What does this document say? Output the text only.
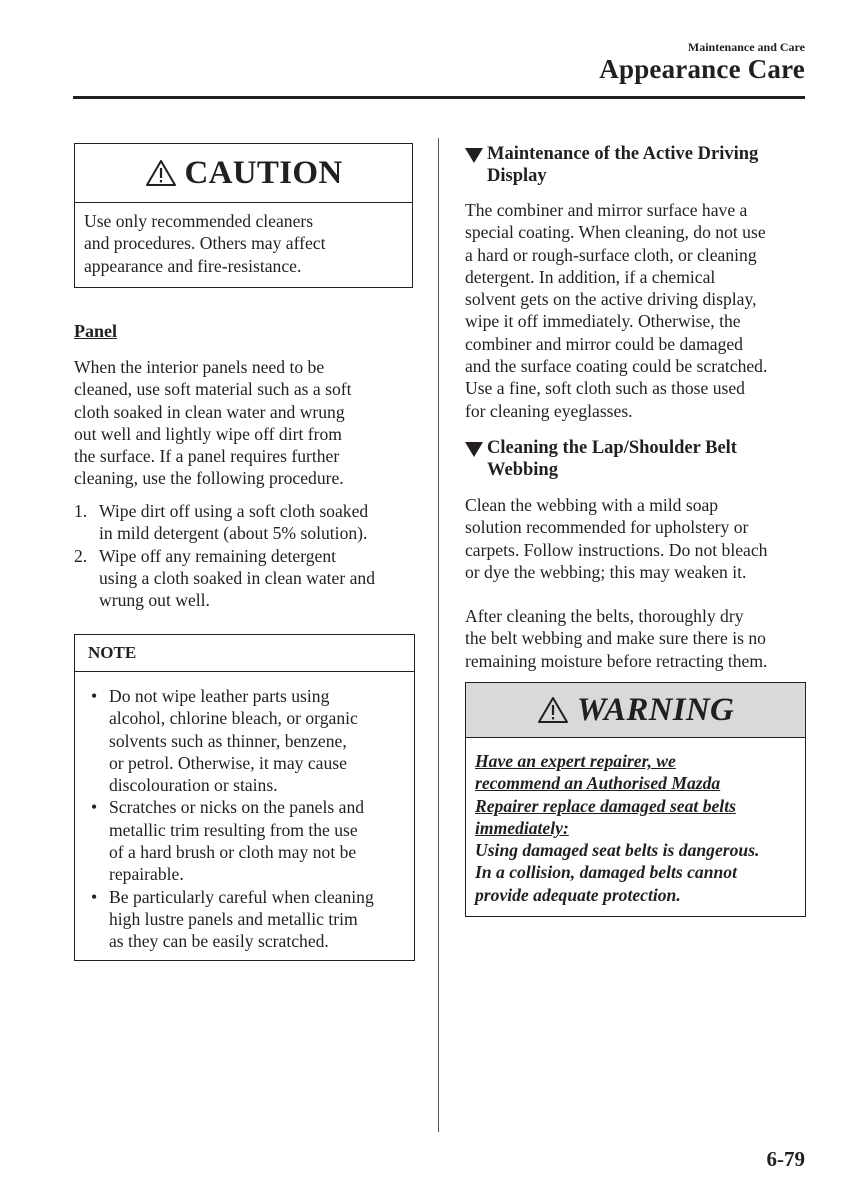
Maintenance and Care
Appearance Care
CAUTION
Use only recommended cleaners
and procedures. Others may affect
appearance and fire-resistance.
Panel
When the interior panels need to be
cleaned, use soft material such as a soft
cloth soaked in clean water and wrung
out well and lightly wipe off dirt from
the surface. If a panel requires further
cleaning, use the following procedure.
1. Wipe dirt off using a soft cloth soaked
in mild detergent (about 5% solution).
2. Wipe off any remaining detergent
using a cloth soaked in clean water and
wrung out well.
NOTE
• Do not wipe leather parts using
alcohol, chlorine bleach, or organic
solvents such as thinner, benzene,
or petrol. Otherwise, it may cause
discolouration or stains.
• Scratches or nicks on the panels and
metallic trim resulting from the use
of a hard brush or cloth may not be
repairable.
• Be particularly careful when cleaning
high lustre panels and metallic trim
as they can be easily scratched.
Maintenance of the Active Driving
Display
The combiner and mirror surface have a
special coating. When cleaning, do not use
a hard or rough-surface cloth, or cleaning
detergent. In addition, if a chemical
solvent gets on the active driving display,
wipe it off immediately. Otherwise, the
combiner and mirror could be damaged
and the surface coating could be scratched.
Use a fine, soft cloth such as those used
for cleaning eyeglasses.
Cleaning the Lap/Shoulder Belt
Webbing
Clean the webbing with a mild soap
solution recommended for upholstery or
carpets. Follow instructions. Do not bleach
or dye the webbing; this may weaken it.
After cleaning the belts, thoroughly dry
the belt webbing and make sure there is no
remaining moisture before retracting them.
WARNING
Have an expert repairer, we
recommend an Authorised Mazda
Repairer replace damaged seat belts
immediately:
Using damaged seat belts is dangerous.
In a collision, damaged belts cannot
provide adequate protection.
6-79
